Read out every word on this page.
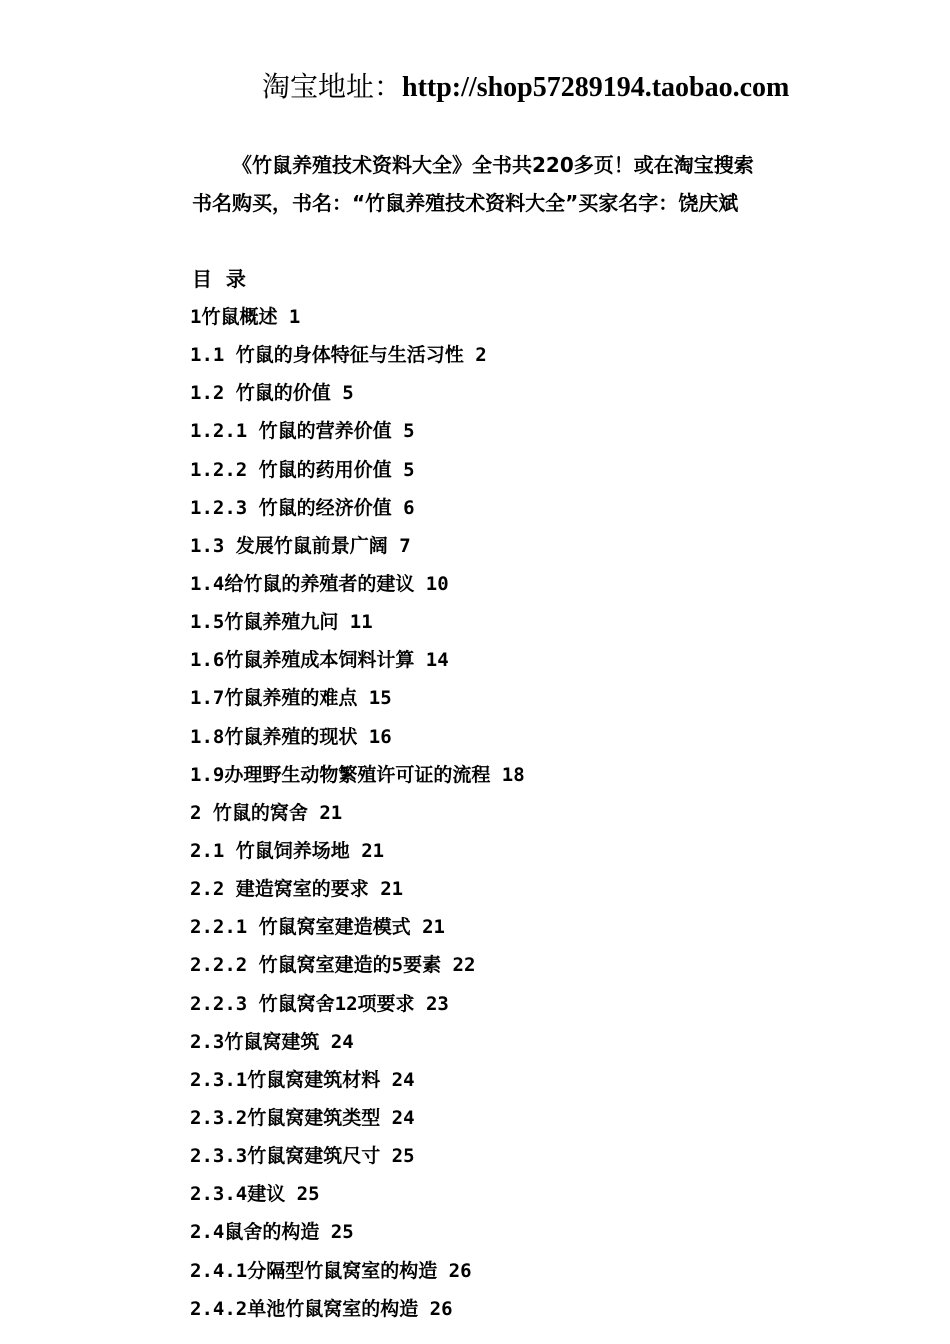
淘宝地址：http://shop57289194.taobao.com
《竹鼠养殖技术资料大全》全书共220多页！或在淘宝搜索
书名购买，书名：“竹鼠养殖技术资料大全”买家名字：饶庆斌
目  录
1竹鼠概述 1
1.1 竹鼠的身体特征与生活习性 2
1.2 竹鼠的价值 5
1.2.1 竹鼠的营养价值 5
1.2.2 竹鼠的药用价值 5
1.2.3 竹鼠的经济价值 6
1.3 发展竹鼠前景广阔 7
1.4给竹鼠的养殖者的建议 10
1.5竹鼠养殖九问 11
1.6竹鼠养殖成本饲料计算 14
1.7竹鼠养殖的难点 15
1.8竹鼠养殖的现状 16
1.9办理野生动物繁殖许可证的流程 18
2 竹鼠的窝舍 21
2.1 竹鼠饲养场地 21
2.2 建造窝室的要求 21
2.2.1 竹鼠窝室建造模式 21
2.2.2 竹鼠窝室建造的5要素 22
2.2.3 竹鼠窝舍12项要求 23
2.3竹鼠窝建筑 24
2.3.1竹鼠窝建筑材料 24
2.3.2竹鼠窝建筑类型 24
2.3.3竹鼠窝建筑尺寸 25
2.3.4建议 25
2.4鼠舍的构造 25
2.4.1分隔型竹鼠窝室的构造 26
2.4.2单池竹鼠窝室的构造 26
